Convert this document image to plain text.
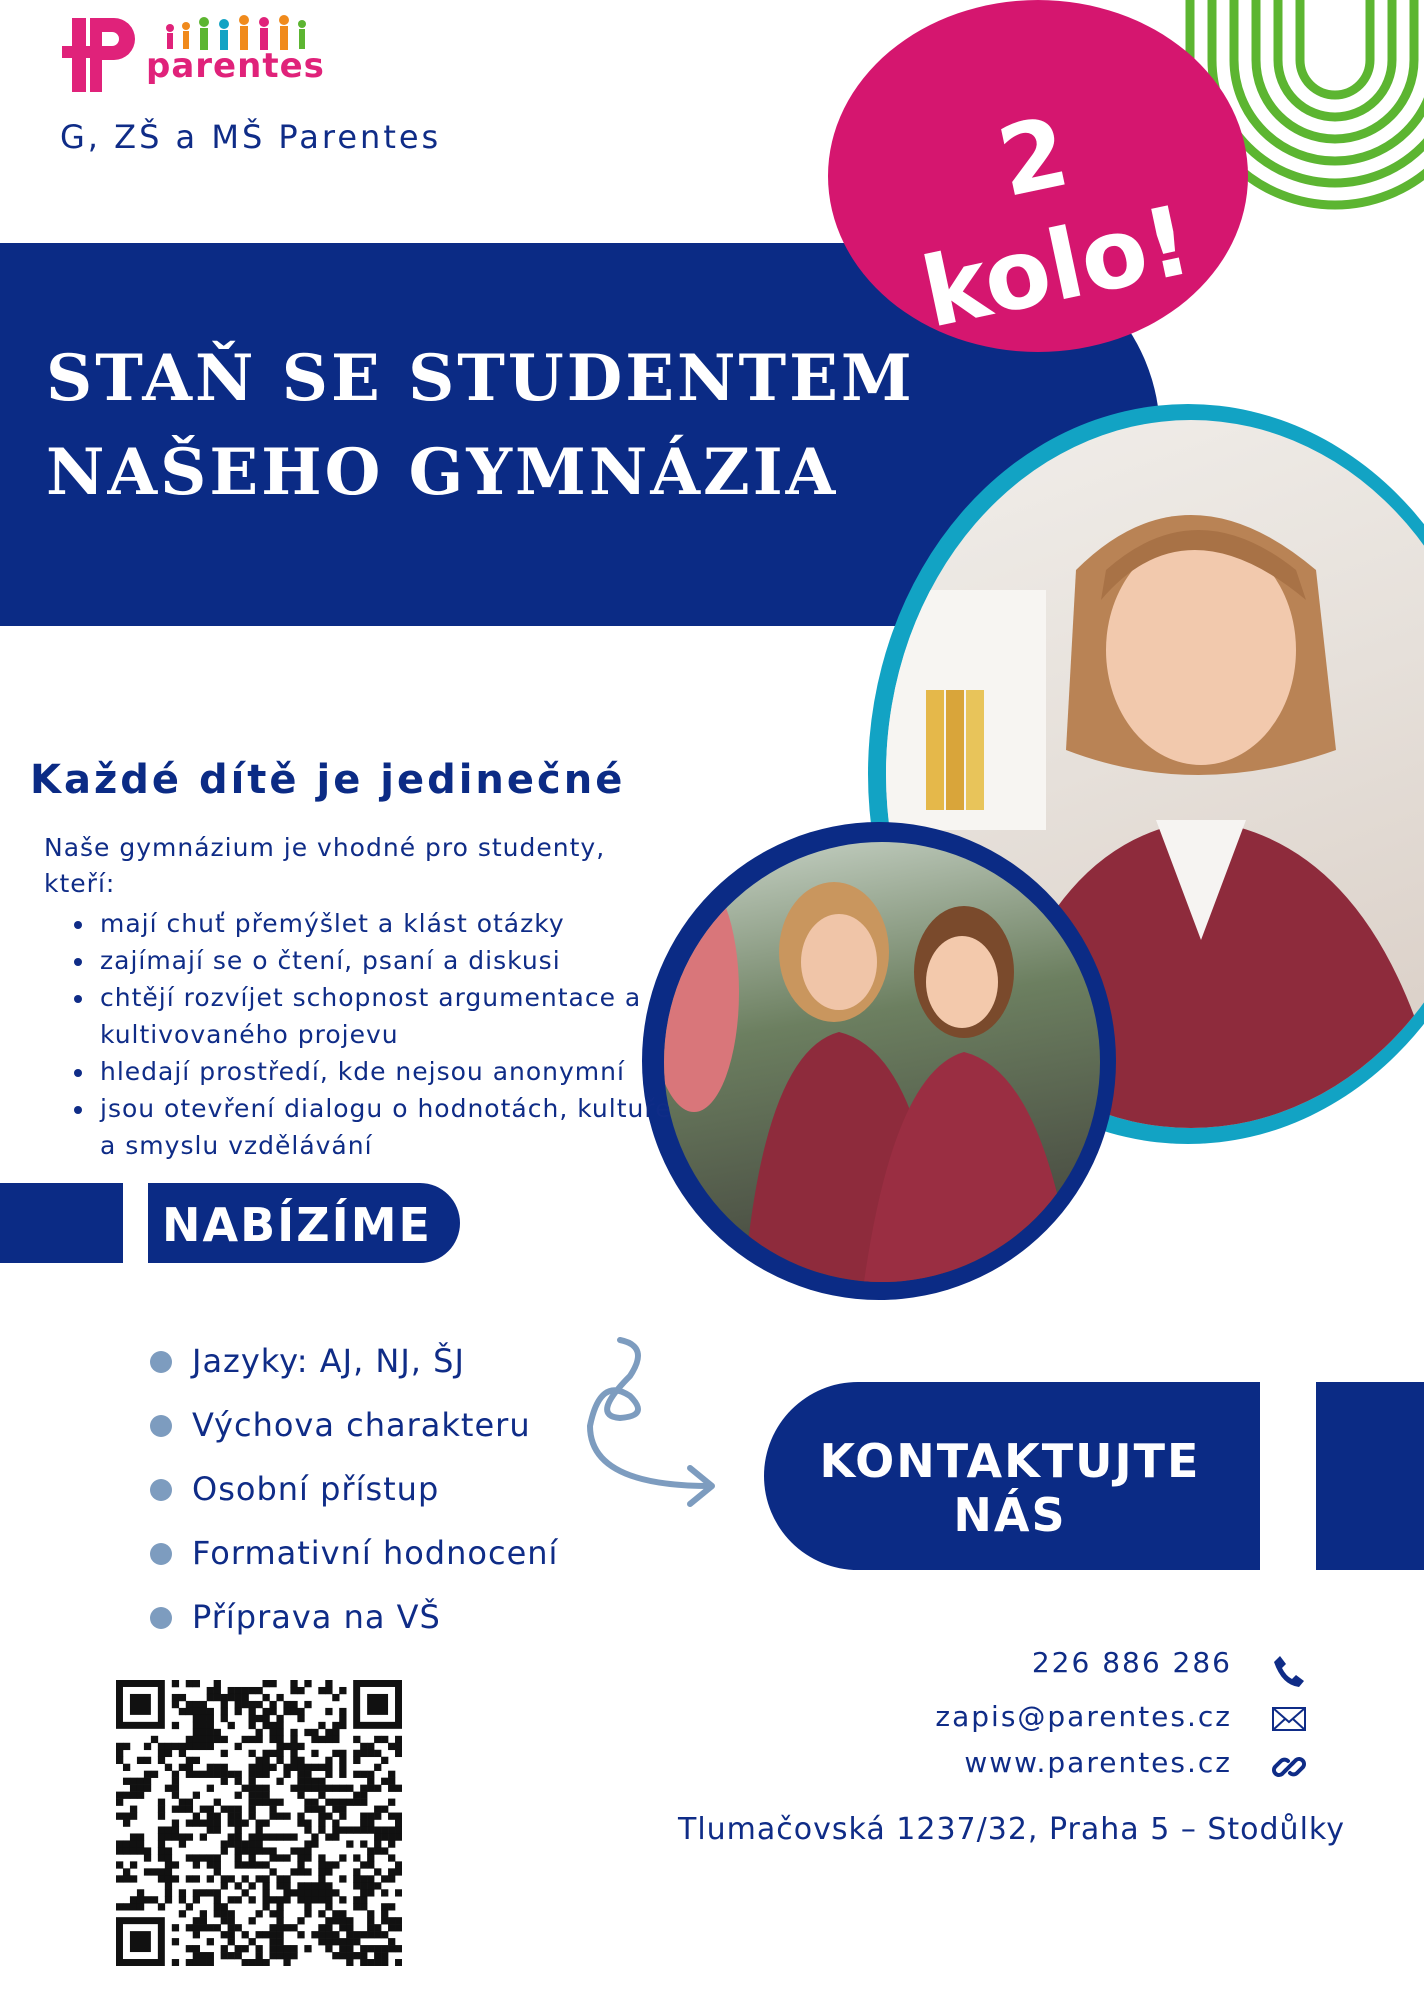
parentes
G, ZŠ a MŠ Parentes
STAŇ SE STUDENTEM
NAŠEHO GYMNÁZIA
2 kolo!
Každé dítě je jedinečné
Naše gymnázium je vhodné pro studenty, kteří:
• mají chuť přemýšlet a klást otázky
• zajímají se o čtení, psaní a diskusi
• chtějí rozvíjet schopnost argumentace a kultivovaného projevu
• hledají prostředí, kde nejsou anonymní
• jsou otevření dialogu o hodnotách, kultuře a smyslu vzdělávání
NABÍZÍME
Jazyky: AJ, NJ, ŠJ
Výchova charakteru
Osobní přístup
Formativní hodnocení
Příprava na VŠ
KONTAKTUJTE
NÁS
226 886 286
zapis@parentes.cz
www.parentes.cz
Tlumačovská 1237/32, Praha 5 – Stodůlky
